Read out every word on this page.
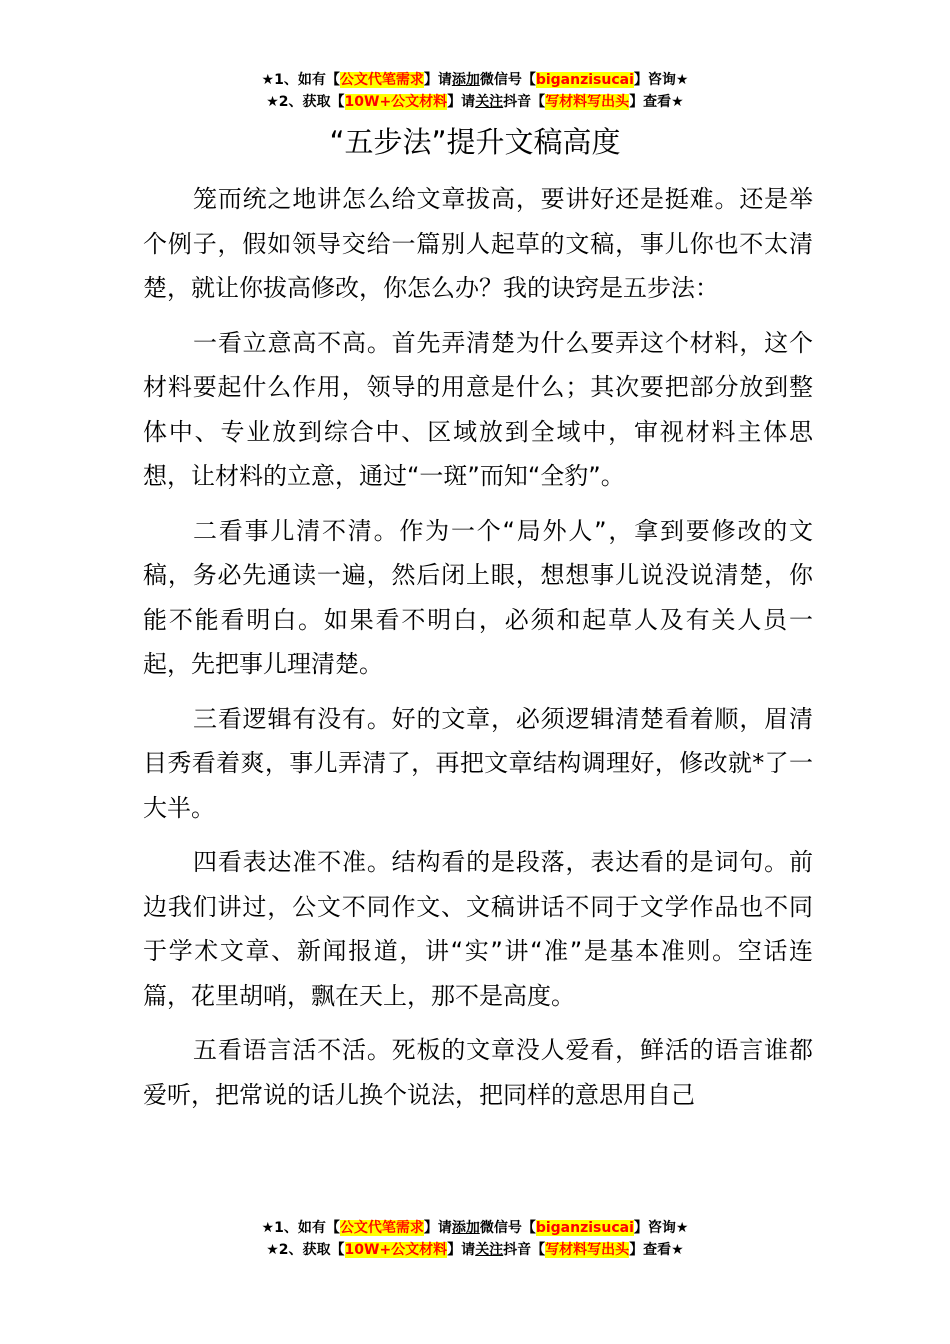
★1、如有【公文代笔需求】请添加微信号【biganzisucai】咨询★
★2、获取【10W+公文材料】请关注抖音【写材料写出头】查看★
“五步法”提升文稿高度

笼而统之地讲怎么给文章拔高，要讲好还是挺难。还是举个例子，假如领导交给一篇别人起草的文稿，事儿你也不太清楚，就让你拔高修改，你怎么办？我的诀窍是五步法：

一看立意高不高。首先弄清楚为什么要弄这个材料，这个材料要起什么作用，领导的用意是什么；其次要把部分放到整体中、专业放到综合中、区域放到全域中，审视材料主体思想，让材料的立意，通过“一斑”而知“全豹”。

二看事儿清不清。作为一个“局外人”，拿到要修改的文稿，务必先通读一遍，然后闭上眼，想想事儿说没说清楚，你能不能看明白。如果看不明白，必须和起草人及有关人员一起，先把事儿理清楚。

三看逻辑有没有。好的文章，必须逻辑清楚看着顺，眉清目秀看着爽，事儿弄清了，再把文章结构调理好，修改就*了一大半。

四看表达准不准。结构看的是段落，表达看的是词句。前边我们讲过，公文不同作文、文稿讲话不同于文学作品也不同于学术文章、新闻报道，讲“实”讲“准”是基本准则。空话连篇，花里胡哨，飘在天上，那不是高度。

五看语言活不活。死板的文章没人爱看，鲜活的语言谁都爱听，把常说的话儿换个说法，把同样的意思用自己

★1、如有【公文代笔需求】请添加微信号【biganzisucai】咨询★
★2、获取【10W+公文材料】请关注抖音【写材料写出头】查看★
